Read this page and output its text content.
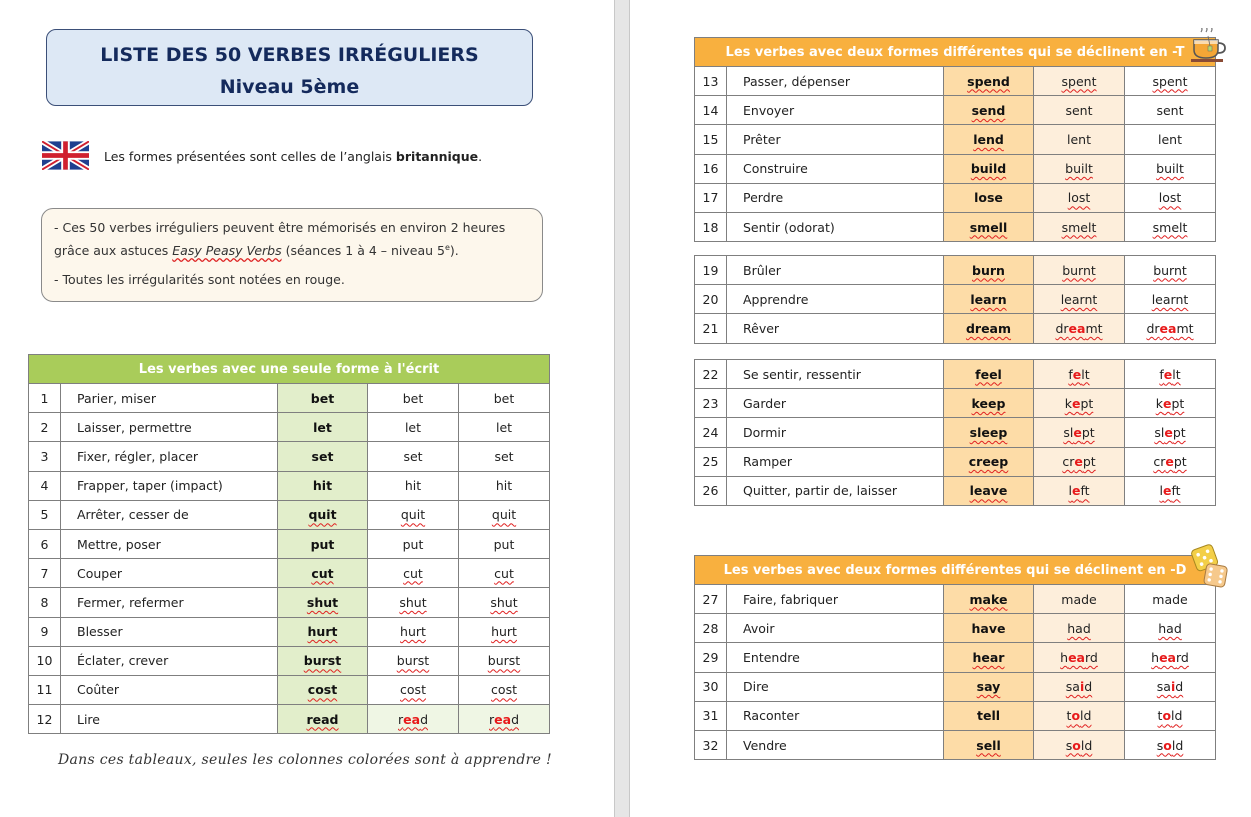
LISTE DES 50 VERBES IRRÉGULIERS
Niveau 5ème
Les formes présentées sont celles de l’anglais britannique.

- Ces 50 verbes irréguliers peuvent être mémorisés en environ 2 heures grâce aux astuces Easy Peasy Verbs (séances 1 à 4 – niveau 5e).

- Toutes les irrégularités sont notées en rouge.

Les verbes avec une seule forme à l'écrit				
1	Parier, miser	bet	bet	bet
2	Laisser, permettre	let	let	let
3	Fixer, régler, placer	set	set	set
4	Frapper, taper (impact)	hit	hit	hit
5	Arrêter, cesser de	quit	quit	quit
6	Mettre, poser	put	put	put
7	Couper	cut	cut	cut
8	Fermer, refermer	shut	shut	shut
9	Blesser	hurt	hurt	hurt
10	Éclater, crever	burst	burst	burst
11	Coûter	cost	cost	cost
12	Lire	read	read	read
Dans ces tableaux, seules les colonnes colorées sont à apprendre !
Les verbes avec deux formes différentes qui se déclinent en -T				
13	Passer, dépenser	spend	spent	spent
14	Envoyer	send	sent	sent
15	Prêter	lend	lent	lent
16	Construire	build	built	built
17	Perdre	lose	lost	lost
18	Sentir (odorat)	smell	smelt	smelt
19	Brûler	burn	burnt	burnt
20	Apprendre	learn	learnt	learnt
21	Rêver	dream	dreamt	dreamt
22	Se sentir, ressentir	feel	felt	felt
23	Garder	keep	kept	kept
24	Dormir	sleep	slept	slept
25	Ramper	creep	crept	crept
26	Quitter, partir de, laisser	leave	left	left
Les verbes avec deux formes différentes qui se déclinent en -D				
27	Faire, fabriquer	make	made	made
28	Avoir	have	had	had
29	Entendre	hear	heard	heard
30	Dire	say	said	said
31	Raconter	tell	told	told
32	Vendre	sell	sold	sold
